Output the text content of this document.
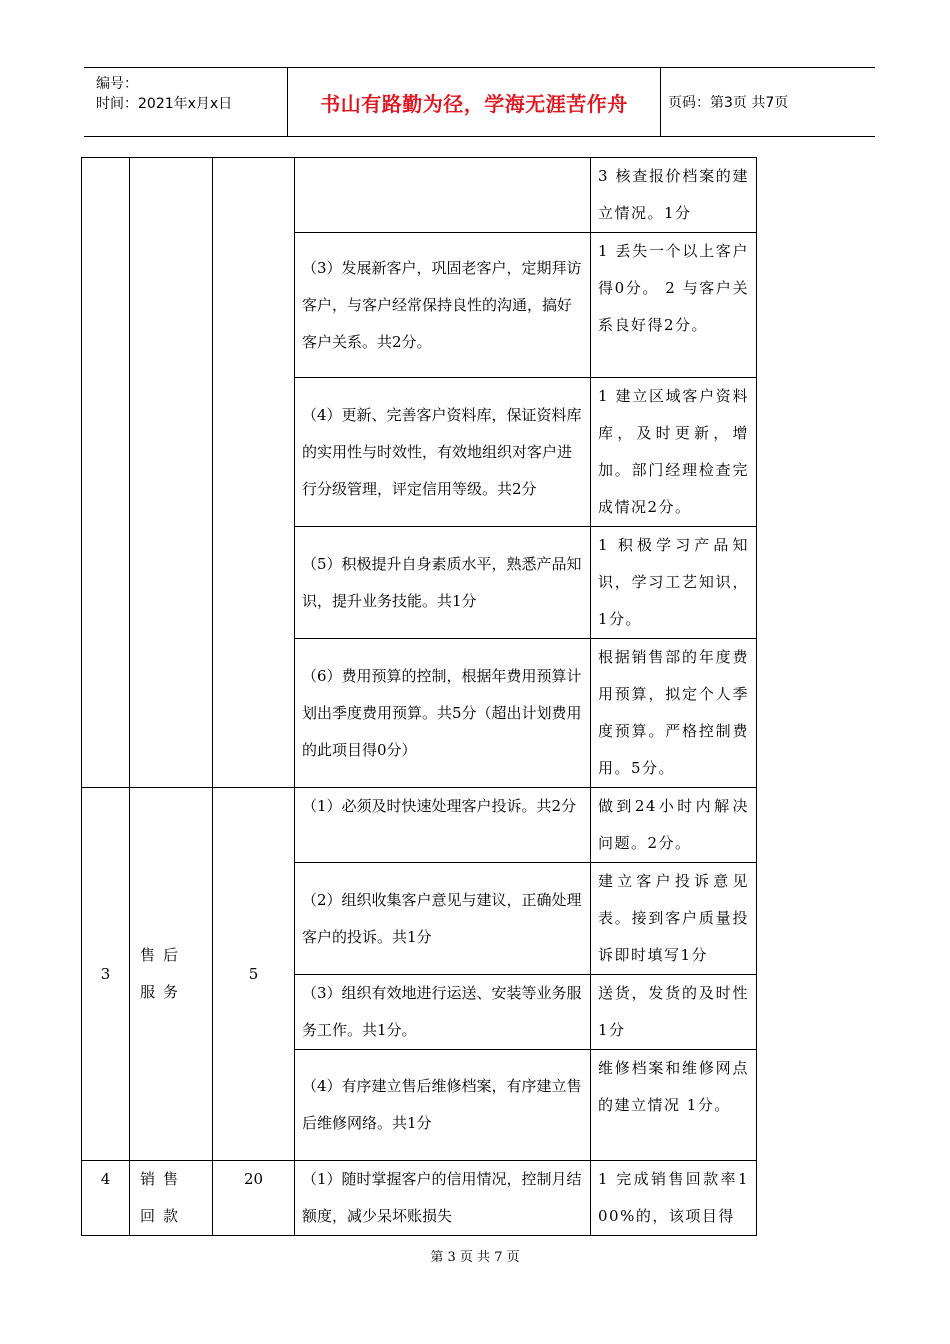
编号：
时间：2021年x月x日	书山有路勤为径，学海无涯苦作舟	页码：第3页 共7页
				3 核查报价档案的建立情况。1分
			（3）发展新客户，巩固老客户，定期拜访客户，与客户经常保持良性的沟通，搞好客户关系。共2分。	1 丢失一个以上客户得0分。 2 与客户关系良好得2分。
			（4）更新、完善客户资料库，保证资料库的实用性与时效性，有效地组织对客户进行分级管理，评定信用等级。共2分	1 建立区域客户资料库，及时更新，增加。部门经理检查完成情况2分。
			（5）积极提升自身素质水平，熟悉产品知识，提升业务技能。共1分	1 积极学习产品知识，学习工艺知识，1分。
			（6）费用预算的控制，根据年费用预算计划出季度费用预算。共5分（超出计划费用的此项目得0分）	根据销售部的年度费用预算，拟定个人季度预算。严格控制费用。5分。
3	售后服务	5	（1）必须及时快速处理客户投诉。共2分	做到24小时内解决问题。2分。
			（2）组织收集客户意见与建议，正确处理客户的投诉。共1分	建立客户投诉意见表。接到客户质量投诉即时填写1分
			（3）组织有效地进行运送、安装等业务服务工作。共1分。	送货，发货的及时性 1分
			（4）有序建立售后维修档案，有序建立售后维修网络。共1分	维修档案和维修网点的建立情况 1分。
4	销售回款	20	（1）随时掌握客户的信用情况，控制月结额度，减少呆坏账损失	1 完成销售回款率100%的，该项目得
第 3 页 共 7 页
